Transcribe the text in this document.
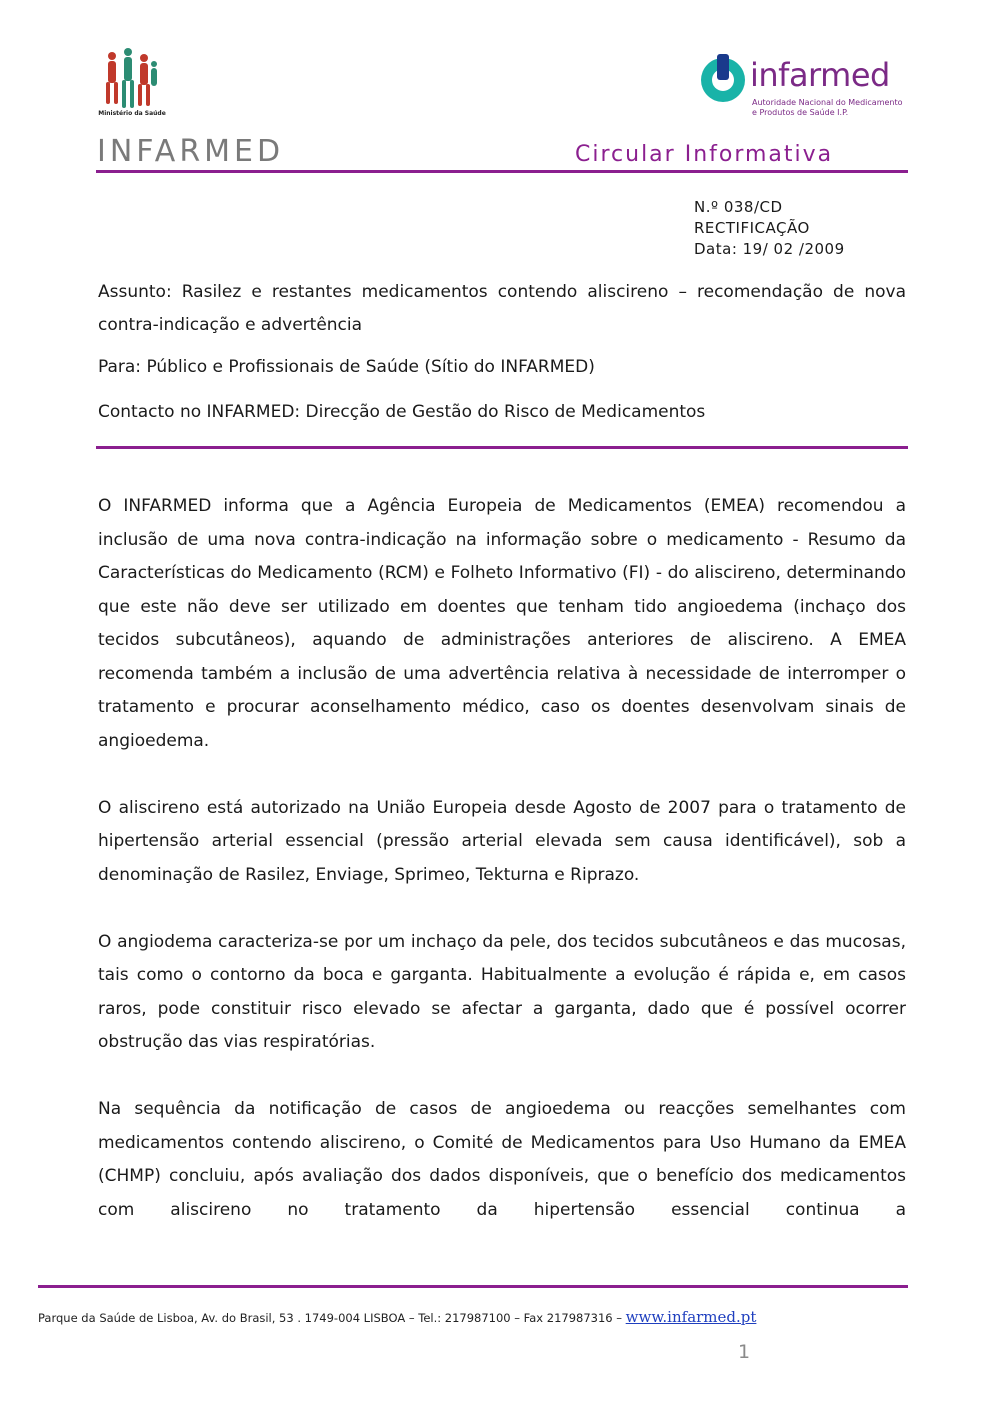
Ministério da Saúde
infarmed
Autoridade Nacional do Medicamento
e Produtos de Saúde I.P.
INFARMED	Circular Informativa
N.º 038/CD
RECTIFICAÇÃO
Data: 19/ 02 /2009
Assunto: Rasilez e restantes medicamentos contendo aliscireno – recomendação de nova contra-indicação e advertência
Para: Público e Profissionais de Saúde (Sítio do INFARMED)
Contacto no INFARMED: Direcção de Gestão do Risco de Medicamentos

O INFARMED informa que a Agência Europeia de Medicamentos (EMEA) recomendou a inclusão de uma nova contra-indicação na informação sobre o medicamento - Resumo da Características do Medicamento (RCM) e Folheto Informativo (FI) - do aliscireno, determinando que este não deve ser utilizado em doentes que tenham tido angioedema (inchaço dos tecidos subcutâneos), aquando de administrações anteriores de aliscireno. A EMEA recomenda também a inclusão de uma advertência relativa à necessidade de interromper o tratamento e procurar aconselhamento médico, caso os doentes desenvolvam sinais de angioedema.

O aliscireno está autorizado na União Europeia desde Agosto de 2007 para o tratamento de hipertensão arterial essencial (pressão arterial elevada sem causa identificável), sob a denominação de Rasilez, Enviage, Sprimeo, Tekturna e Riprazo.

O angiodema caracteriza-se por um inchaço da pele, dos tecidos subcutâneos e das mucosas, tais como o contorno da boca e garganta. Habitualmente a evolução é rápida e, em casos raros, pode constituir risco elevado se afectar a garganta, dado que é possível ocorrer obstrução das vias respiratórias.

Na sequência da notificação de casos de angioedema ou reacções semelhantes com medicamentos contendo aliscireno, o Comité de Medicamentos para Uso Humano da EMEA (CHMP) concluiu, após avaliação dos dados disponíveis, que o benefício dos medicamentos com aliscireno no tratamento da hipertensão essencial continua a

Parque da Saúde de Lisboa, Av. do Brasil, 53 . 1749-004 LISBOA – Tel.: 217987100 – Fax 217987316 – www.infarmed.pt
1
